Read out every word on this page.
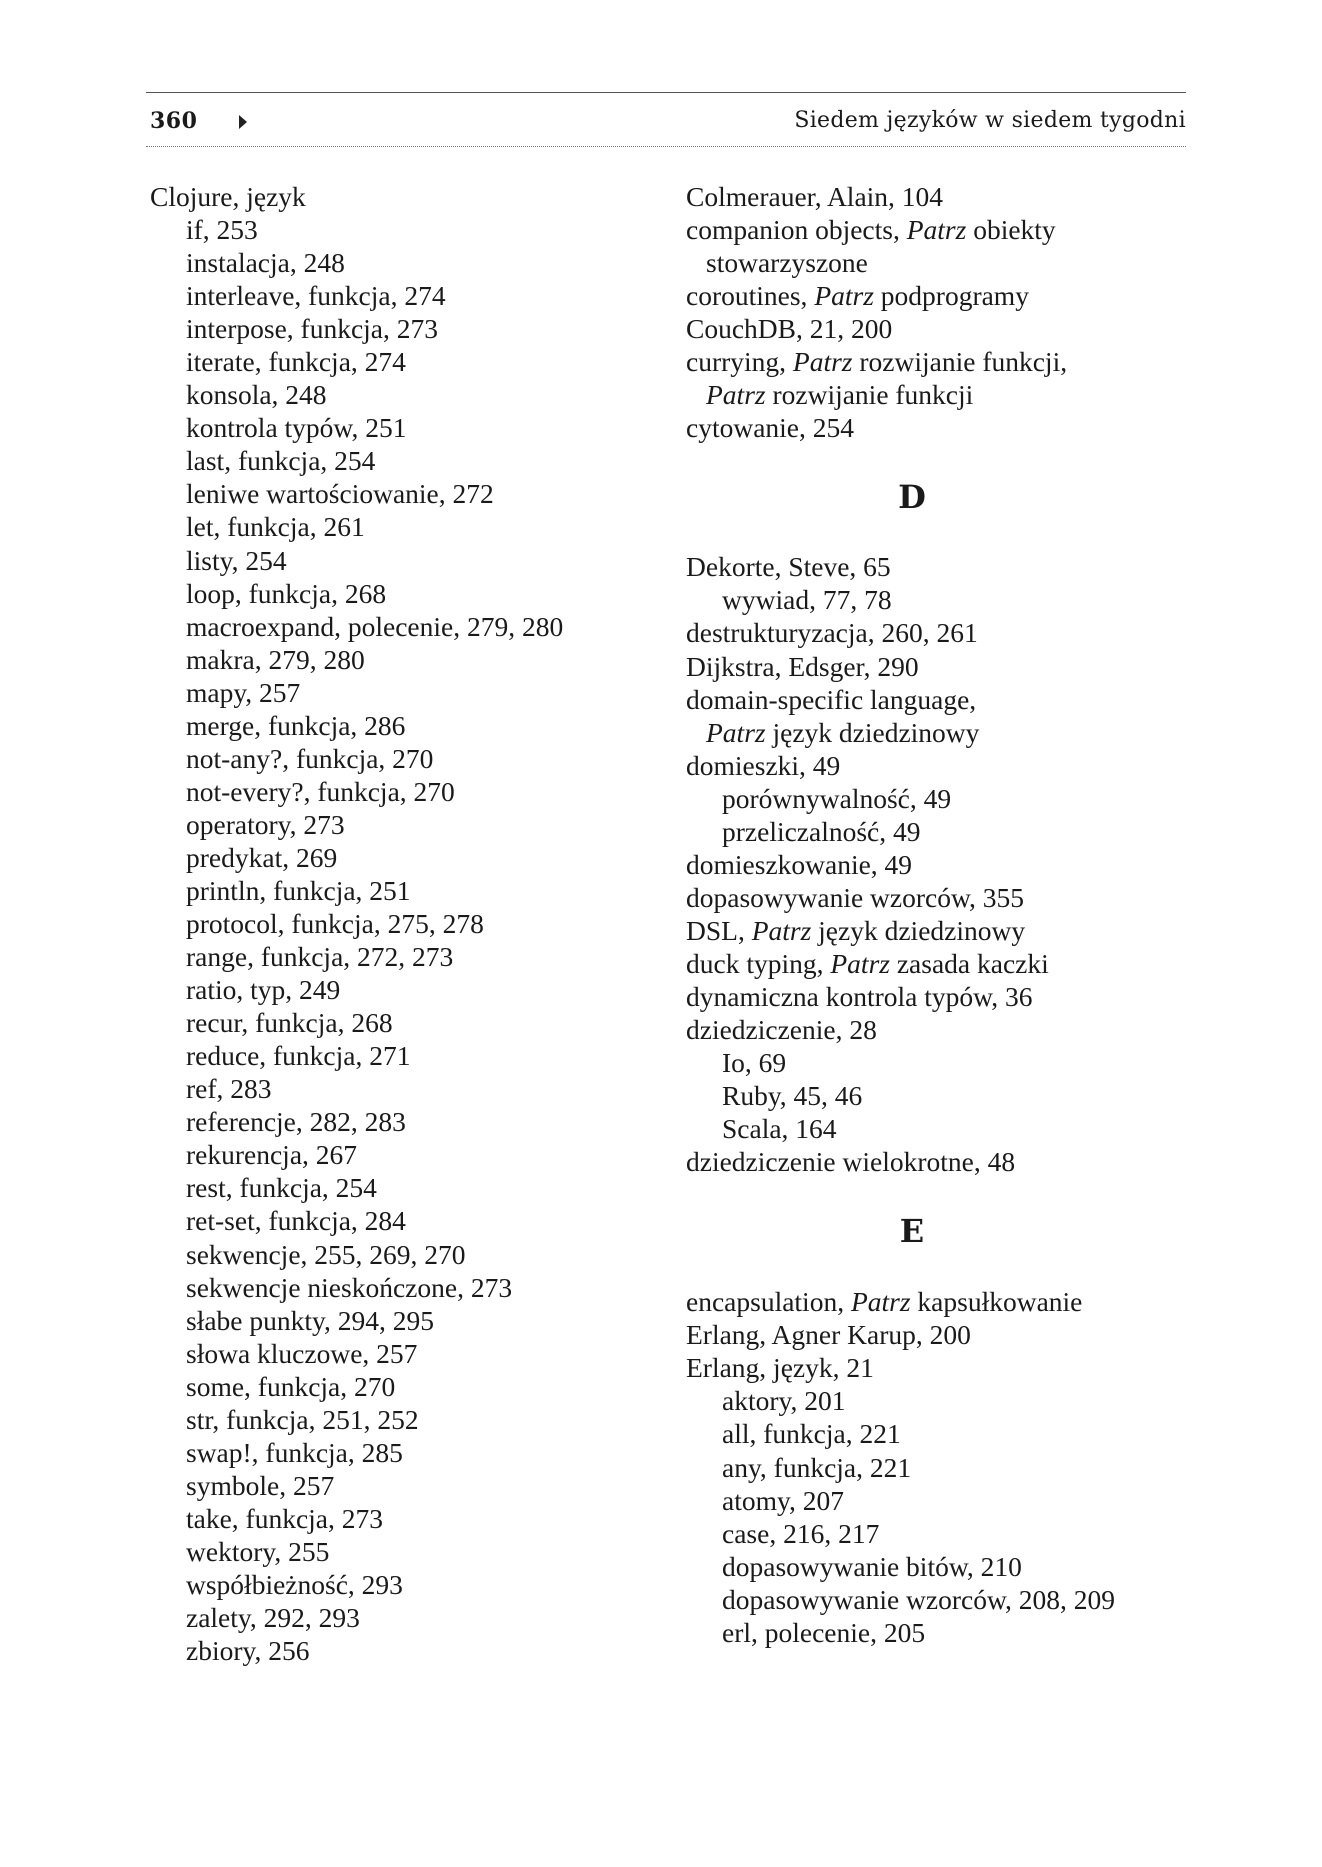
360	Siedem języków w siedem tygodni
Clojure, język
if, 253
instalacja, 248
interleave, funkcja, 274
interpose, funkcja, 273
iterate, funkcja, 274
konsola, 248
kontrola typów, 251
last, funkcja, 254
leniwe wartościowanie, 272
let, funkcja, 261
listy, 254
loop, funkcja, 268
macroexpand, polecenie, 279, 280
makra, 279, 280
mapy, 257
merge, funkcja, 286
not-any?, funkcja, 270
not-every?, funkcja, 270
operatory, 273
predykat, 269
println, funkcja, 251
protocol, funkcja, 275, 278
range, funkcja, 272, 273
ratio, typ, 249
recur, funkcja, 268
reduce, funkcja, 271
ref, 283
referencje, 282, 283
rekurencja, 267
rest, funkcja, 254
ret-set, funkcja, 284
sekwencje, 255, 269, 270
sekwencje nieskończone, 273
słabe punkty, 294, 295
słowa kluczowe, 257
some, funkcja, 270
str, funkcja, 251, 252
swap!, funkcja, 285
symbole, 257
take, funkcja, 273
wektory, 255
współbieżność, 293
zalety, 292, 293
zbiory, 256
Colmerauer, Alain, 104
companion objects, Patrz obiekty
stowarzyszone
coroutines, Patrz podprogramy
CouchDB, 21, 200
currying, Patrz rozwijanie funkcji,
Patrz rozwijanie funkcji
cytowanie, 254
D
Dekorte, Steve, 65
wywiad, 77, 78
destrukturyzacja, 260, 261
Dijkstra, Edsger, 290
domain-specific language,
Patrz język dziedzinowy
domieszki, 49
porównywalność, 49
przeliczalność, 49
domieszkowanie, 49
dopasowywanie wzorców, 355
DSL, Patrz język dziedzinowy
duck typing, Patrz zasada kaczki
dynamiczna kontrola typów, 36
dziedziczenie, 28
Io, 69
Ruby, 45, 46
Scala, 164
dziedziczenie wielokrotne, 48
E
encapsulation, Patrz kapsułkowanie
Erlang, Agner Karup, 200
Erlang, język, 21
aktory, 201
all, funkcja, 221
any, funkcja, 221
atomy, 207
case, 216, 217
dopasowywanie bitów, 210
dopasowywanie wzorców, 208, 209
erl, polecenie, 205
